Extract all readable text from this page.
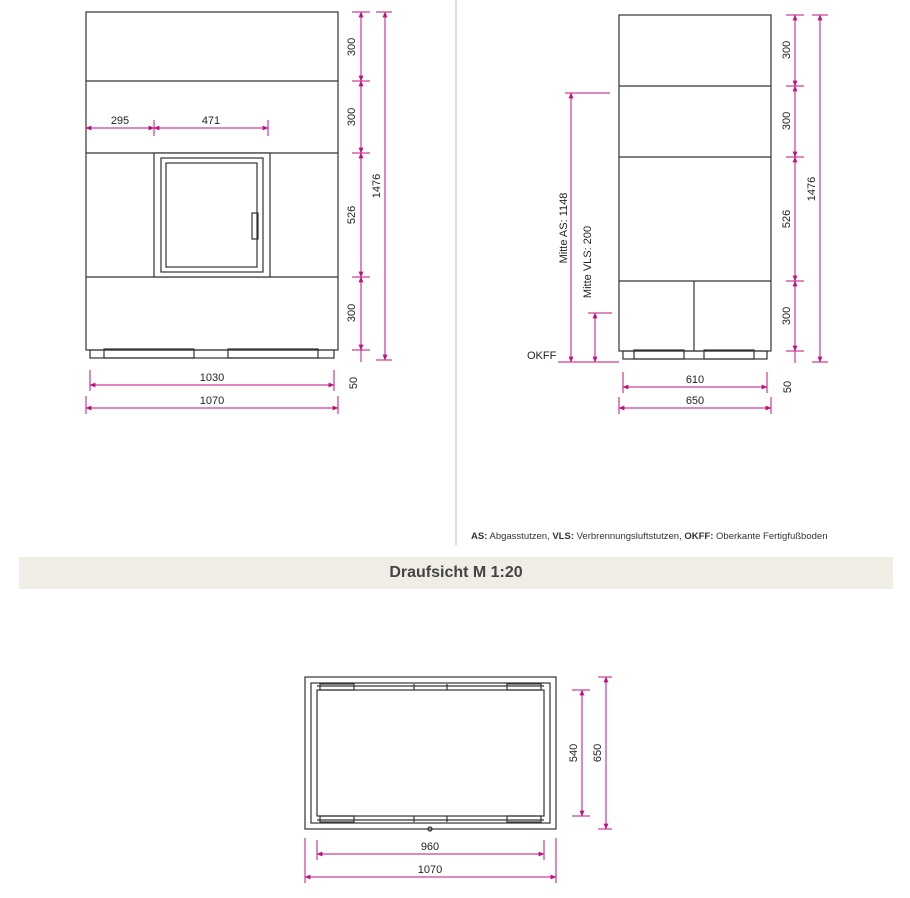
300
300
526
300
50
1476
295	471
1030
1070
300
300
526
300
50
1476
Mitte AS: 1148 Mitte VLS: 200
OKFF
610
650
540 650
960
1070
AS: Abgasstutzen, VLS: Verbrennungsluftstutzen, OKFF: Oberkante Fertigfußboden
Draufsicht M 1:20
